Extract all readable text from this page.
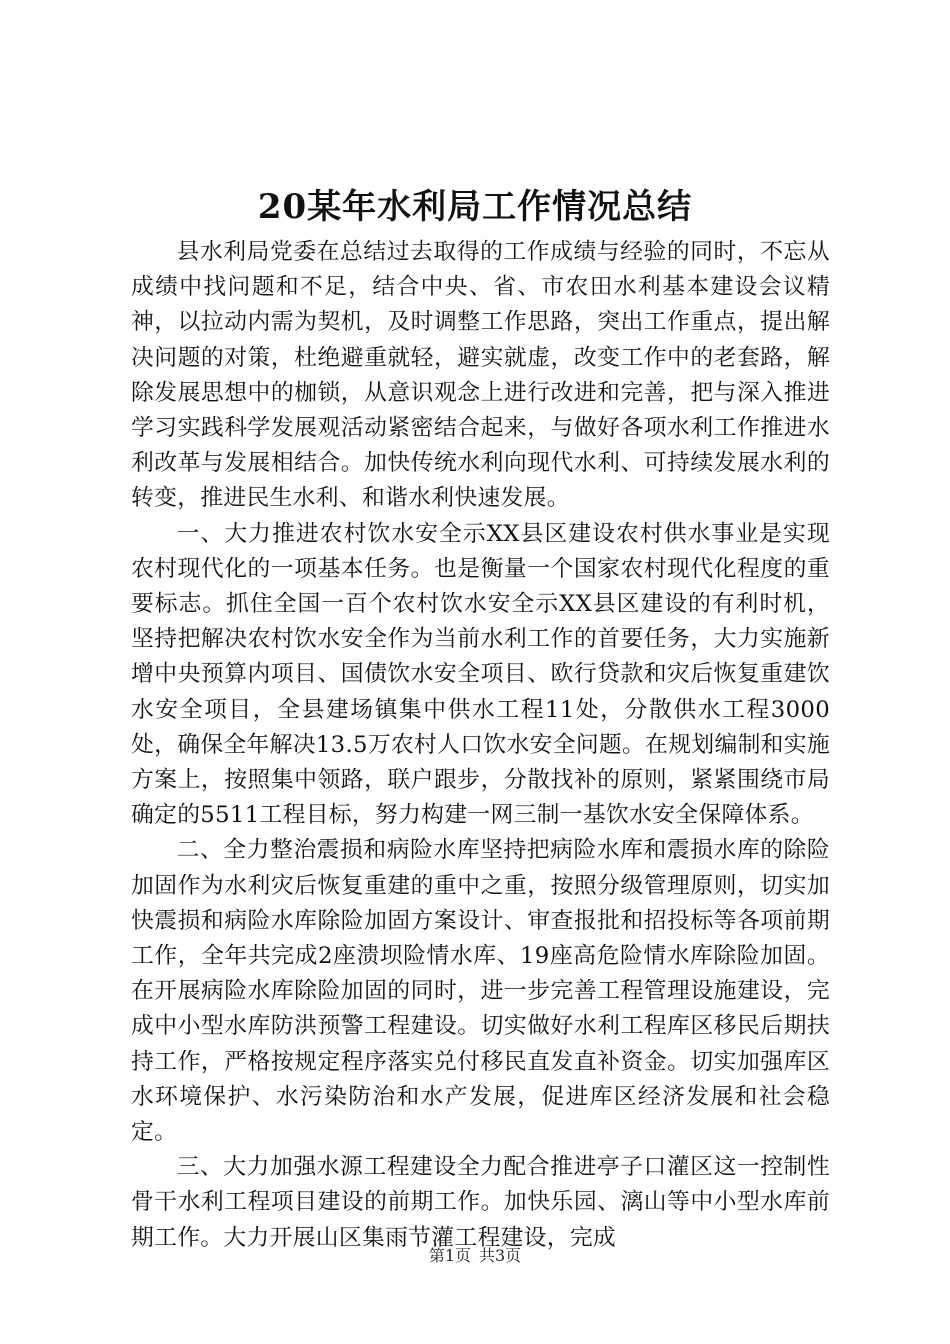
20某年水利局工作情况总结

县水利局党委在总结过去取得的工作成绩与经验的同时，不忘从成绩中找问题和不足，结合中央、省、市农田水利基本建设会议精神，以拉动内需为契机，及时调整工作思路，突出工作重点，提出解决问题的对策，杜绝避重就轻，避实就虚，改变工作中的老套路，解除发展思想中的枷锁，从意识观念上进行改进和完善，把与深入推进学习实践科学发展观活动紧密结合起来，与做好各项水利工作推进水利改革与发展相结合。加快传统水利向现代水利、可持续发展水利的转变，推进民生水利、和谐水利快速发展。

一、大力推进农村饮水安全示XX县区建设农村供水事业是实现农村现代化的一项基本任务。也是衡量一个国家农村现代化程度的重要标志。抓住全国一百个农村饮水安全示XX县区建设的有利时机，坚持把解决农村饮水安全作为当前水利工作的首要任务，大力实施新增中央预算内项目、国债饮水安全项目、欧行贷款和灾后恢复重建饮水安全项目，全县建场镇集中供水工程11处，分散供水工程3000处，确保全年解决13.5万农村人口饮水安全问题。在规划编制和实施方案上，按照集中领路，联户跟步，分散找补的原则，紧紧围绕市局确定的5511工程目标，努力构建一网三制一基饮水安全保障体系。

二、全力整治震损和病险水库坚持把病险水库和震损水库的除险加固作为水利灾后恢复重建的重中之重，按照分级管理原则，切实加快震损和病险水库除险加固方案设计、审查报批和招投标等各项前期工作，全年共完成2座溃坝险情水库、19座高危险情水库除险加固。在开展病险水库除险加固的同时，进一步完善工程管理设施建设，完成中小型水库防洪预警工程建设。切实做好水利工程库区移民后期扶持工作，严格按规定程序落实兑付移民直发直补资金。切实加强库区水环境保护、水污染防治和水产发展，促进库区经济发展和社会稳定。

三、大力加强水源工程建设全力配合推进亭子口灌区这一控制性骨干水利工程项目建设的前期工作。加快乐园、漓山等中小型水库前期工作。大力开展山区集雨节灌工程建设，完成

第1页 共3页
